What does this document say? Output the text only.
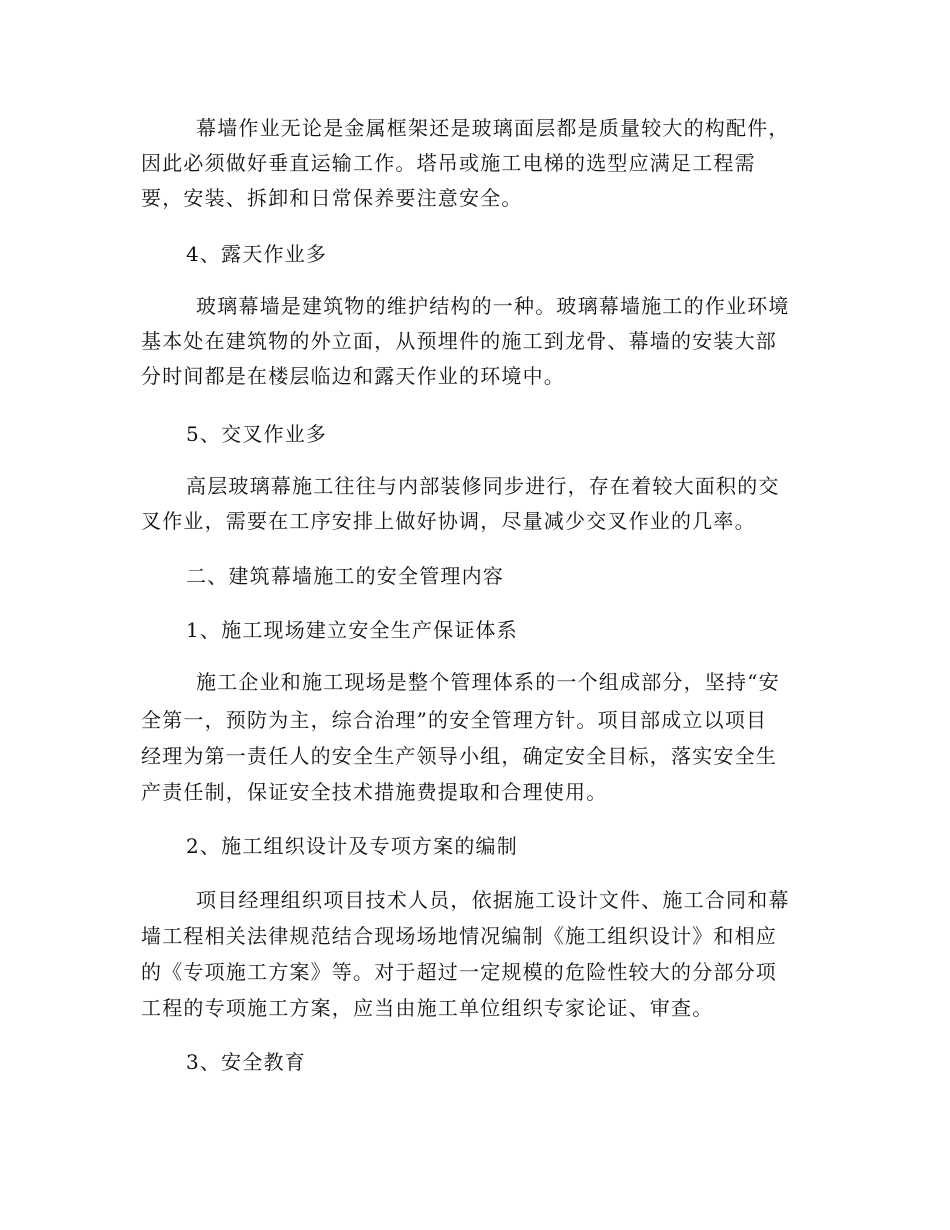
幕墙作业无论是金属框架还是玻璃面层都是质量较大的构配件，
因此必须做好垂直运输工作。塔吊或施工电梯的选型应满足工程需
要，安装、拆卸和日常保养要注意安全。
4、露天作业多
玻璃幕墙是建筑物的维护结构的一种。玻璃幕墙施工的作业环境
基本处在建筑物的外立面，从预埋件的施工到龙骨、幕墙的安装大部
分时间都是在楼层临边和露天作业的环境中。
5、交叉作业多
高层玻璃幕施工往往与内部装修同步进行，存在着较大面积的交
叉作业，需要在工序安排上做好协调，尽量减少交叉作业的几率。
二、建筑幕墙施工的安全管理内容
1、施工现场建立安全生产保证体系
施工企业和施工现场是整个管理体系的一个组成部分，坚持“安
全第一，预防为主，综合治理”的安全管理方针。项目部成立以项目
经理为第一责任人的安全生产领导小组，确定安全目标，落实安全生
产责任制，保证安全技术措施费提取和合理使用。
2、施工组织设计及专项方案的编制
项目经理组织项目技术人员，依据施工设计文件、施工合同和幕
墙工程相关法律规范结合现场场地情况编制《施工组织设计》和相应
的《专项施工方案》等。对于超过一定规模的危险性较大的分部分项
工程的专项施工方案，应当由施工单位组织专家论证、审查。
3、安全教育
